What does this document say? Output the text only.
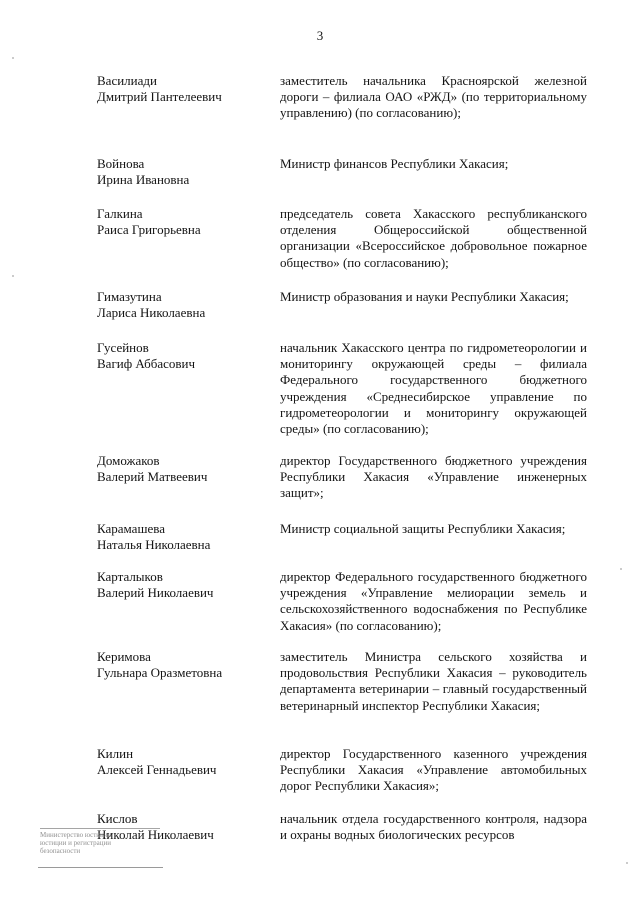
3
Василиади
Дмитрий Пантелеевич
заместитель начальника Красноярской железной дороги – филиала ОАО «РЖД» (по территориальному управлению) (по согласованию);
Войнова
Ирина Ивановна
Министр финансов Республики Хакасия;
Галкина
Раиса Григорьевна
председатель совета Хакасского республиканского отделения Общероссийской общественной организации «Всероссийское добровольное пожарное общество» (по согласованию);
Гимазутина
Лариса Николаевна
Министр образования и науки Республики Хакасия;
Гусейнов
Вагиф Аббасович
начальник Хакасского центра по гидрометеорологии и мониторингу окружающей среды – филиала Федерального государственного бюджетного учреждения «Среднесибирское управление по гидрометеорологии и мониторингу окружающей среды» (по согласованию);
Доможаков
Валерий Матвеевич
директор Государственного бюджетного учреждения Республики Хакасия «Управление инженерных защит»;
Карамашева
Наталья Николаевна
Министр социальной защиты Республики Хакасия;
Карталыков
Валерий Николаевич
директор Федерального государственного бюджетного учреждения «Управление мелиорации земель и сельскохозяйственного водоснабжения по Республике Хакасия» (по согласованию);
Керимова
Гульнара Оразметовна
заместитель Министра сельского хозяйства и продовольствия Республики Хакасия – руководитель департамента ветеринарии – главный государственный ветеринарный инспектор Республики Хакасия;
Килин
Алексей Геннадьевич
директор Государственного казенного учреждения Республики Хакасия «Управление автомобильных дорог Республики Хакасия»;
Кислов
Николай Николаевич
начальник отдела государственного контроля, надзора и охраны водных биологических ресурсов
Министерство юстиции
юстиции и регистрации
безопасности
